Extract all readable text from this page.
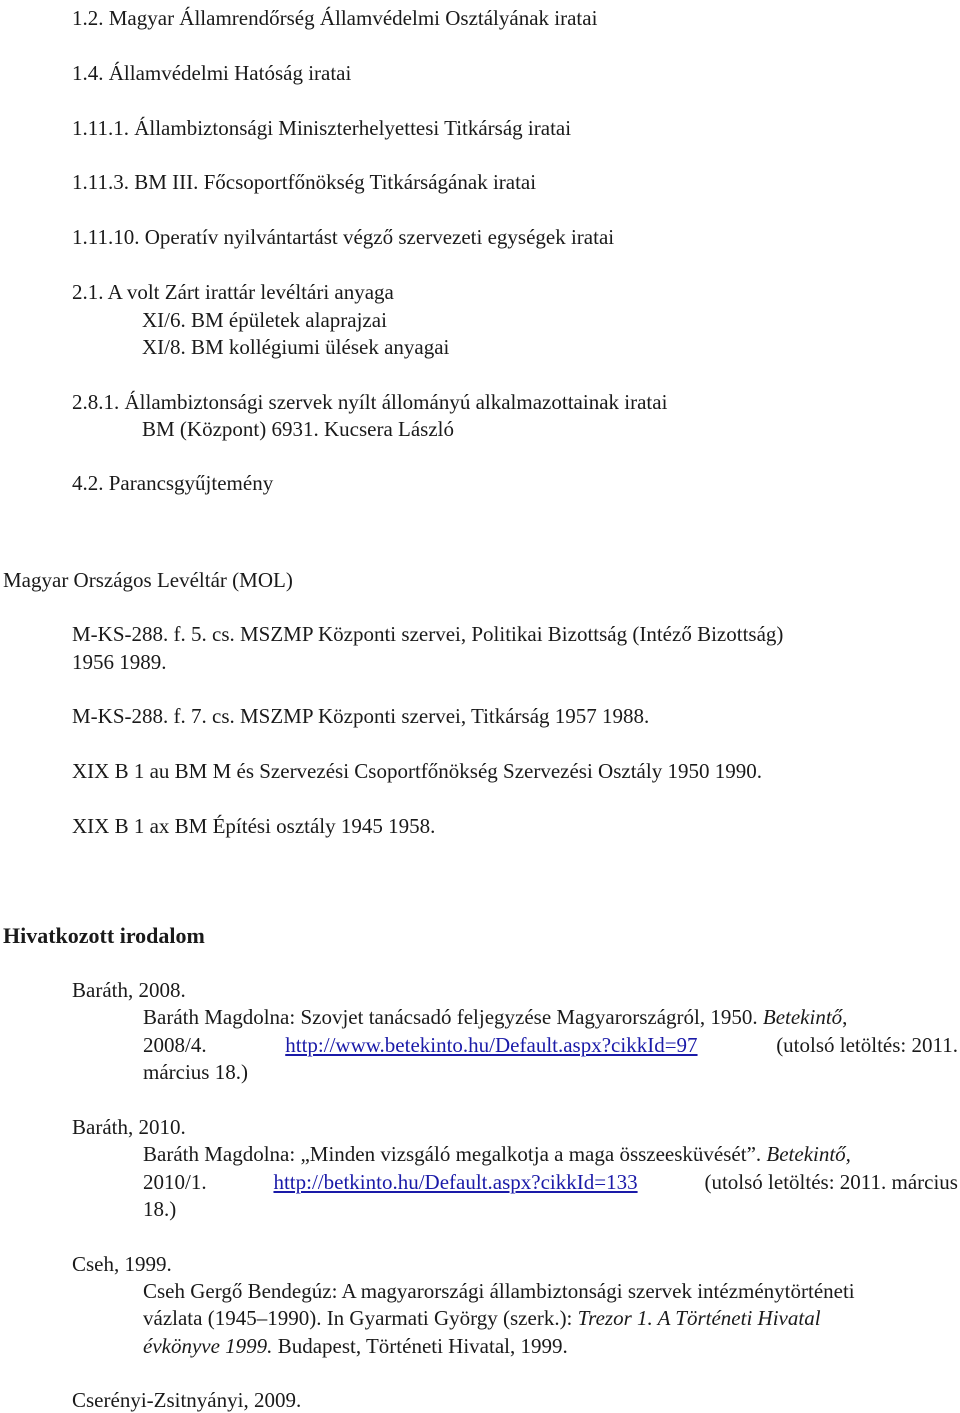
1.2. Magyar Államrendőrség Államvédelmi Osztályának iratai
1.4. Államvédelmi Hatóság iratai
1.11.1. Állambiztonsági Miniszterhelyettesi Titkárság iratai
1.11.3. BM III. Főcsoportfőnökség Titkárságának iratai
1.11.10. Operatív nyilvántartást végző szervezeti egységek iratai
2.1. A volt Zárt irattár levéltári anyaga
XI/6. BM épületek alaprajzai
XI/8. BM kollégiumi ülések anyagai
2.8.1. Állambiztonsági szervek nyílt állományú alkalmazottainak iratai
BM (Központ) 6931. Kucsera László
4.2. Parancsgyűjtemény
Magyar Országos Levéltár (MOL)
M-KS-288. f. 5. cs. MSZMP Központi szervei, Politikai Bizottság (Intéző Bizottság)
1956 1989.
M-KS-288. f. 7. cs. MSZMP Központi szervei, Titkárság 1957 1988.
XIX B 1 au BM M és Szervezési Csoportfőnökség Szervezési Osztály 1950 1990.
XIX B 1 ax BM Építési osztály 1945 1958.
Hivatkozott irodalom
Baráth, 2008.
Baráth Magdolna: Szovjet tanácsadó feljegyzése Magyarországról, 1950. Betekintő,
2008/4.	http://www.betekinto.hu/Default.aspx?cikkId=97	(utolsó letöltés: 2011.
március 18.)
Baráth, 2010.
Baráth Magdolna: „Minden vizsgáló megalkotja a maga összeesküvését”. Betekintő,
2010/1.	http://betkinto.hu/Default.aspx?cikkId=133	(utolsó letöltés: 2011. március
18.)
Cseh, 1999.
Cseh Gergő Bendegúz: A magyarországi állambiztonsági szervek intézménytörténeti
vázlata (1945–1990). In Gyarmati György (szerk.): Trezor 1. A Történeti Hivatal
évkönyve 1999. Budapest, Történeti Hivatal, 1999.
Cserényi-Zsitnyányi, 2009.
